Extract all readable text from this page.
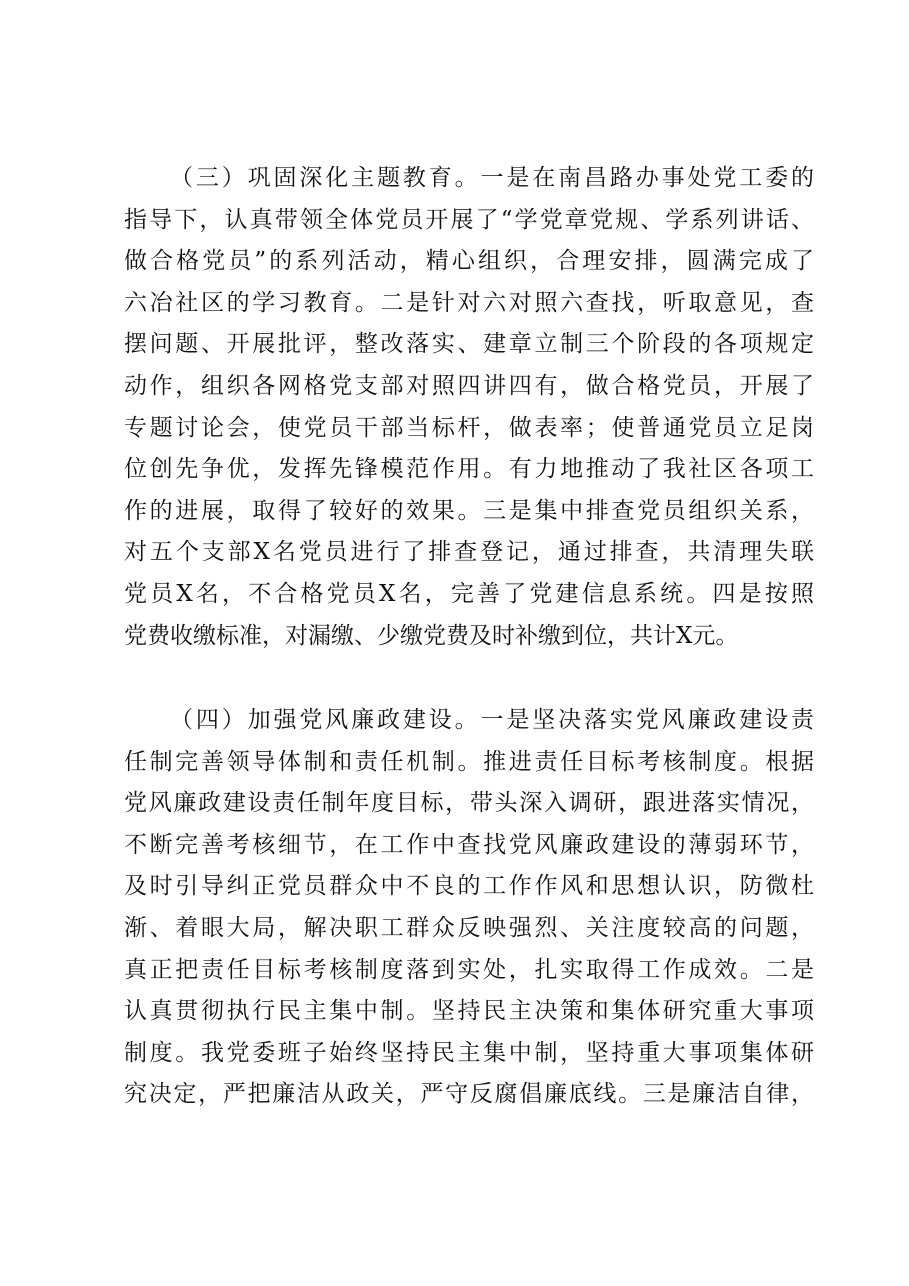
（三）巩固深化主题教育。一是在南昌路办事处党工委的
指导下，认真带领全体党员开展了“学党章党规、学系列讲话、
做合格党员”的系列活动，精心组织，合理安排，圆满完成了
六冶社区的学习教育。二是针对六对照六查找，听取意见，查
摆问题、开展批评，整改落实、建章立制三个阶段的各项规定
动作，组织各网格党支部对照四讲四有，做合格党员，开展了
专题讨论会，使党员干部当标杆，做表率；使普通党员立足岗
位创先争优，发挥先锋模范作用。有力地推动了我社区各项工
作的进展，取得了较好的效果。三是集中排查党员组织关系，
对五个支部X名党员进行了排查登记，通过排查，共清理失联
党员X名，不合格党员X名，完善了党建信息系统。四是按照
党费收缴标准，对漏缴、少缴党费及时补缴到位，共计X元。
（四）加强党风廉政建设。一是坚决落实党风廉政建设责
任制完善领导体制和责任机制。推进责任目标考核制度。根据
党风廉政建设责任制年度目标，带头深入调研，跟进落实情况，
不断完善考核细节，在工作中查找党风廉政建设的薄弱环节，
及时引导纠正党员群众中不良的工作作风和思想认识，防微杜
渐、着眼大局，解决职工群众反映强烈、关注度较高的问题，
真正把责任目标考核制度落到实处，扎实取得工作成效。二是
认真贯彻执行民主集中制。坚持民主决策和集体研究重大事项
制度。我党委班子始终坚持民主集中制，坚持重大事项集体研
究决定，严把廉洁从政关，严守反腐倡廉底线。三是廉洁自律，
